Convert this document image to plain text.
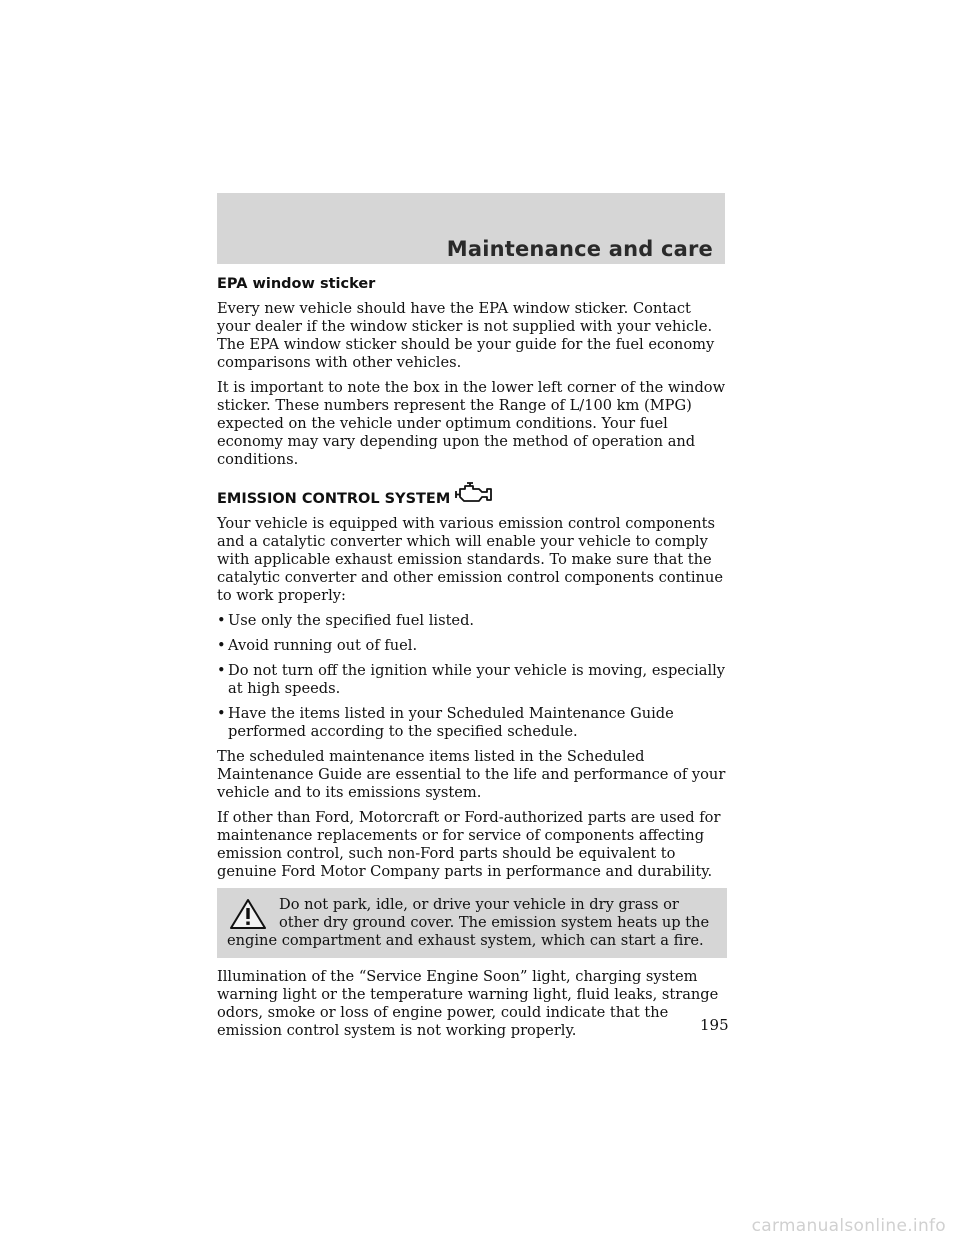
Maintenance and care
EPA window sticker
Every new vehicle should have the EPA window sticker. Contact your dealer if the window sticker is not supplied with your vehicle. The EPA window sticker should be your guide for the fuel economy comparisons with other vehicles.
It is important to note the box in the lower left corner of the window sticker. These numbers represent the Range of L/100 km (MPG) expected on the vehicle under optimum conditions. Your fuel economy may vary depending upon the method of operation and conditions.
EMISSION CONTROL SYSTEM
Your vehicle is equipped with various emission control components and a catalytic converter which will enable your vehicle to comply with applicable exhaust emission standards. To make sure that the catalytic converter and other emission control components continue to work properly:
• Use only the specified fuel listed.
• Avoid running out of fuel.
• Do not turn off the ignition while your vehicle is moving, especially at high speeds.
• Have the items listed in your Scheduled Maintenance Guide performed according to the specified schedule.
The scheduled maintenance items listed in the Scheduled Maintenance Guide are essential to the life and performance of your vehicle and to its emissions system.
If other than Ford, Motorcraft or Ford-authorized parts are used for maintenance replacements or for service of components affecting emission control, such non-Ford parts should be equivalent to genuine Ford Motor Company parts in performance and durability.
Do not park, idle, or drive your vehicle in dry grass or other dry ground cover. The emission system heats up the engine compartment and exhaust system, which can start a fire.
Illumination of the “Service Engine Soon” light, charging system warning light or the temperature warning light, fluid leaks, strange odors, smoke or loss of engine power, could indicate that the emission control system is not working properly.	195
carmanualsonline.info
